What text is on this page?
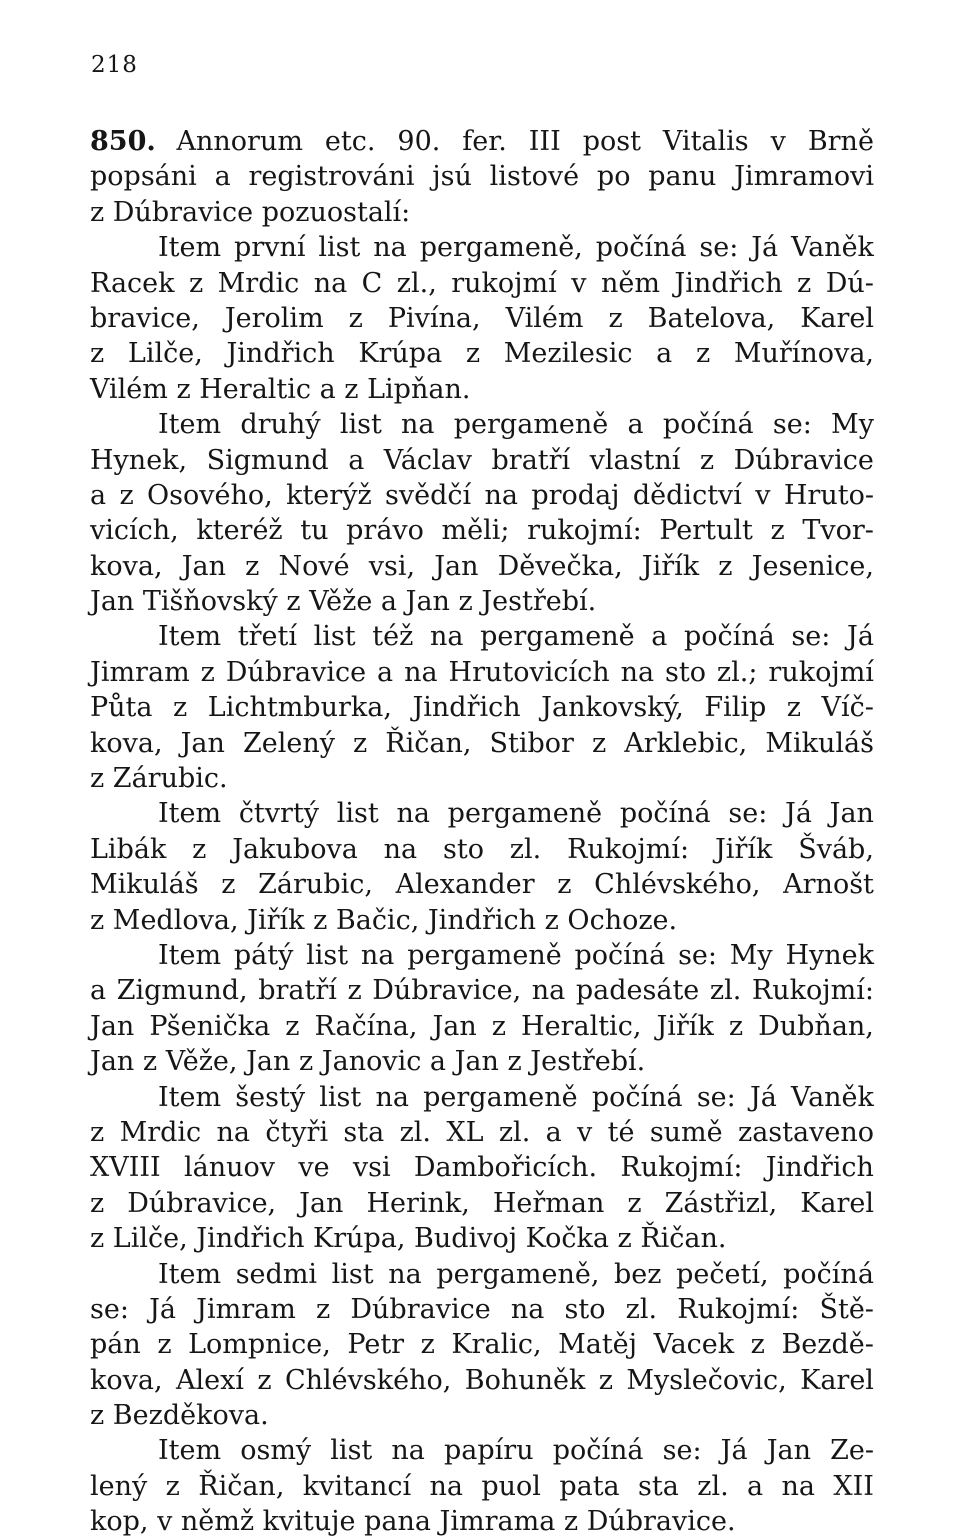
218
850.
Annorum etc. 90. fer. III post Vitalis v Brně
popsáni a registrováni jsú listové po panu Jimramovi
z Dúbravice pozuostalí:
Item první list na pergameně, počíná se: Já Vaněk
Racek z Mrdic na C zl., rukojmí v něm Jindřich z Dú-
bravice, Jerolim z Pivína, Vilém z Batelova, Karel
z Lilče, Jindřich Krúpa z Mezilesic a z Muřínova,
Vilém z Heraltic a z Lipňan.
Item druhý list na pergameně a počíná se: My
Hynek, Sigmund a Václav bratří vlastní z Dúbravice
a z Osového, kterýž svědčí na prodaj dědictví v Hruto-
vicích, kteréž tu právo měli; rukojmí: Pertult z Tvor-
kova, Jan z Nové vsi, Jan Děvečka, Jiřík z Jesenice,
Jan Tišňovský z Věže a Jan z Jestřebí.
Item třetí list též na pergameně a počíná se: Já
Jimram z Dúbravice a na Hrutovicích na sto zl.; rukojmí
Půta z Lichtmburka, Jindřich Jankovský, Filip z Víč-
kova, Jan Zelený z Řičan, Stibor z Arklebic, Mikuláš
z Zárubic.
Item čtvrtý list na pergameně počíná se: Já Jan
Libák z Jakubova na sto zl. Rukojmí: Jiřík Šváb,
Mikuláš z Zárubic, Alexander z Chlévského, Arnošt
z Medlova, Jiřík z Bačic, Jindřich z Ochoze.
Item pátý list na pergameně počíná se: My Hynek
a Zigmund, bratří z Dúbravice, na padesáte zl. Rukojmí:
Jan Pšenička z Račína, Jan z Heraltic, Jiřík z Dubňan,
Jan z Věže, Jan z Janovic a Jan z Jestřebí.
Item šestý list na pergameně počíná se: Já Vaněk
z Mrdic na čtyři sta zl. XL zl. a v té sumě zastaveno
XVIII lánuov ve vsi Dambořicích. Rukojmí: Jindřich
z Dúbravice, Jan Herink, Heřman z Zástřizl, Karel
z Lilče, Jindřich Krúpa, Budivoj Kočka z Řičan.
Item sedmi list na pergameně, bez pečetí, počíná
se: Já Jimram z Dúbravice na sto zl. Rukojmí: Ště-
pán z Lompnice, Petr z Kralic, Matěj Vacek z Bezdě-
kova, Alexí z Chlévského, Bohuněk z Myslečovic, Karel
z Bezděkova.
Item osmý list na papíru počíná se: Já Jan Ze-
lený z Řičan, kvitancí na puol pata sta zl. a na XII
kop, v němž kvituje pana Jimrama z Dúbravice.
